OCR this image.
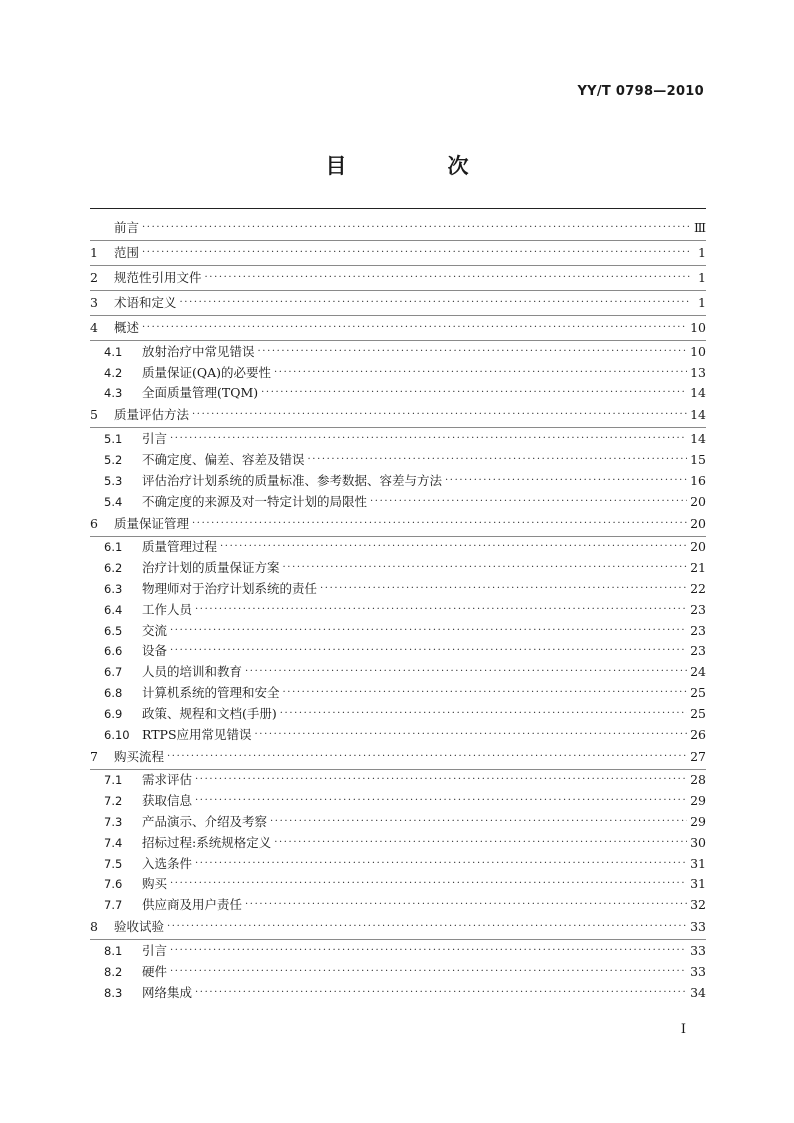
YY/T 0798—2010
目　次
前言 ·····	Ⅲ
1	范围 ·····	1
2	规范性引用文件 ·····	1
3	术语和定义 ·····	1
4	概述 ·····	10
4.1	放射治疗中常见错误 ·····	10
4.2	质量保证(QA)的必要性 ·····	13
4.3	全面质量管理(TQM) ·····	14
5	质量评估方法 ·····	14
5.1	引言 ·····	14
5.2	不确定度、偏差、容差及错误 ·····	15
5.3	评估治疗计划系统的质量标准、参考数据、容差与方法 ·····	16
5.4	不确定度的来源及对一特定计划的局限性 ·····	20
6	质量保证管理 ·····	20
6.1	质量管理过程 ·····	20
6.2	治疗计划的质量保证方案 ·····	21
6.3	物理师对于治疗计划系统的责任 ·····	22
6.4	工作人员 ·····	23
6.5	交流 ·····	23
6.6	设备 ·····	23
6.7	人员的培训和教育 ·····	24
6.8	计算机系统的管理和安全 ·····	25
6.9	政策、规程和文档(手册) ·····	25
6.10 RTPS应用常见错误 ·····	26
7	购买流程 ·····	27
7.1	需求评估 ·····	28
7.2	获取信息 ·····	29
7.3	产品演示、介绍及考察 ·····	29
7.4	招标过程:系统规格定义 ·····	30
7.5	入选条件 ·····	31
7.6	购买 ·····	31
7.7	供应商及用户责任 ·····	32
8	验收试验 ·····	33
8.1	引言 ·····	33
8.2	硬件 ·····	33
8.3	网络集成 ·····	34
Ⅰ
